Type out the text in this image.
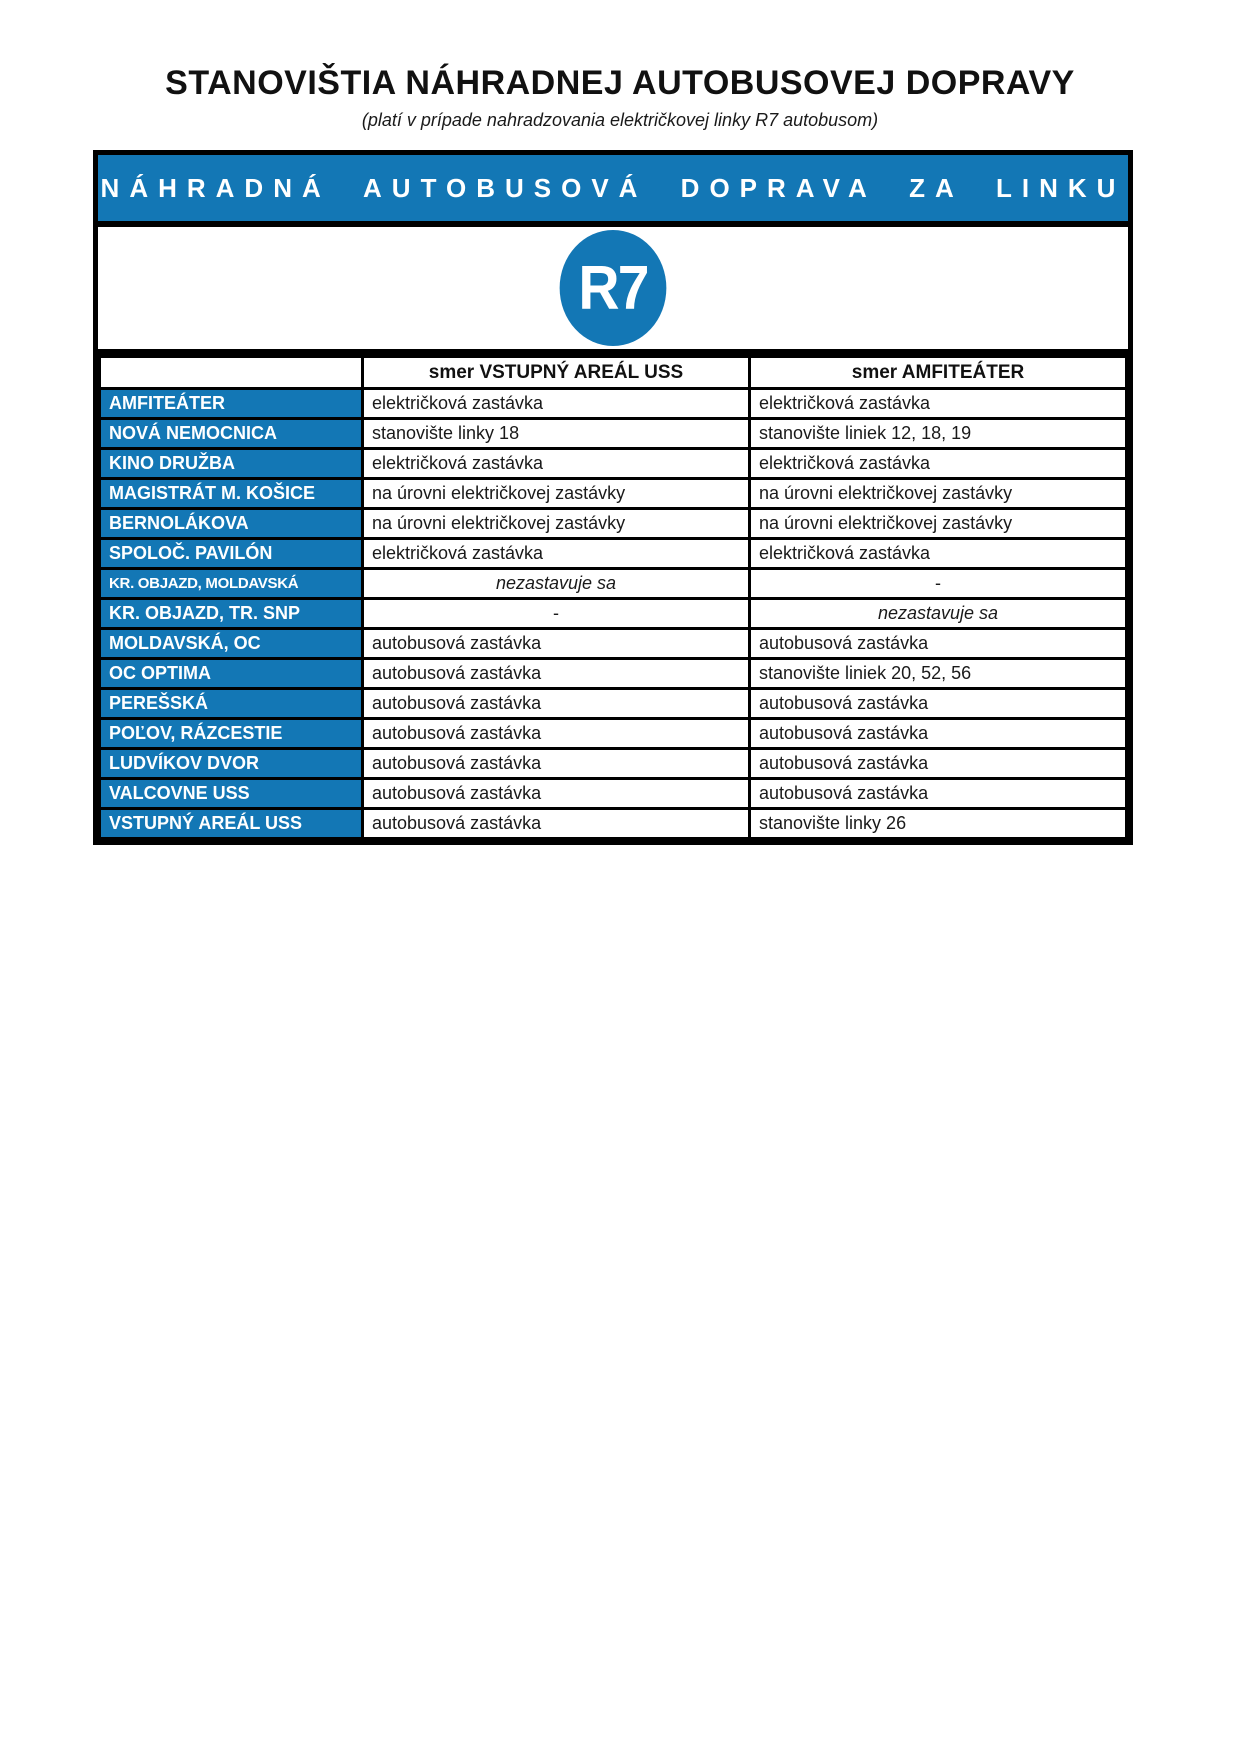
STANOVIŠTIA NÁHRADNEJ AUTOBUSOVEJ DOPRAVY
(platí v prípade nahradzovania električkovej linky R7 autobusom)
NÁHRADNÁ AUTOBUSOVÁ DOPRAVA ZA LINKU
R7
	smer VSTUPNÝ AREÁL USS	smer AMFITEÁTER
AMFITEÁTER	električková zastávka	električková zastávka
NOVÁ NEMOCNICA	stanovište linky 18	stanovište liniek 12, 18, 19
KINO DRUŽBA	električková zastávka	električková zastávka
MAGISTRÁT M. KOŠICE	na úrovni električkovej zastávky	na úrovni električkovej zastávky
BERNOLÁKOVA	na úrovni električkovej zastávky	na úrovni električkovej zastávky
SPOLOČ. PAVILÓN	električková zastávka	električková zastávka
KR. OBJAZD, MOLDAVSKÁ	nezastavuje sa	-
KR. OBJAZD, TR. SNP	-	nezastavuje sa
MOLDAVSKÁ, OC	autobusová zastávka	autobusová zastávka
OC OPTIMA	autobusová zastávka	stanovište liniek 20, 52, 56
PEREŠSKÁ	autobusová zastávka	autobusová zastávka
POĽOV, RÁZCESTIE	autobusová zastávka	autobusová zastávka
LUDVÍKOV DVOR	autobusová zastávka	autobusová zastávka
VALCOVNE USS	autobusová zastávka	autobusová zastávka
VSTUPNÝ AREÁL USS	autobusová zastávka	stanovište linky 26
